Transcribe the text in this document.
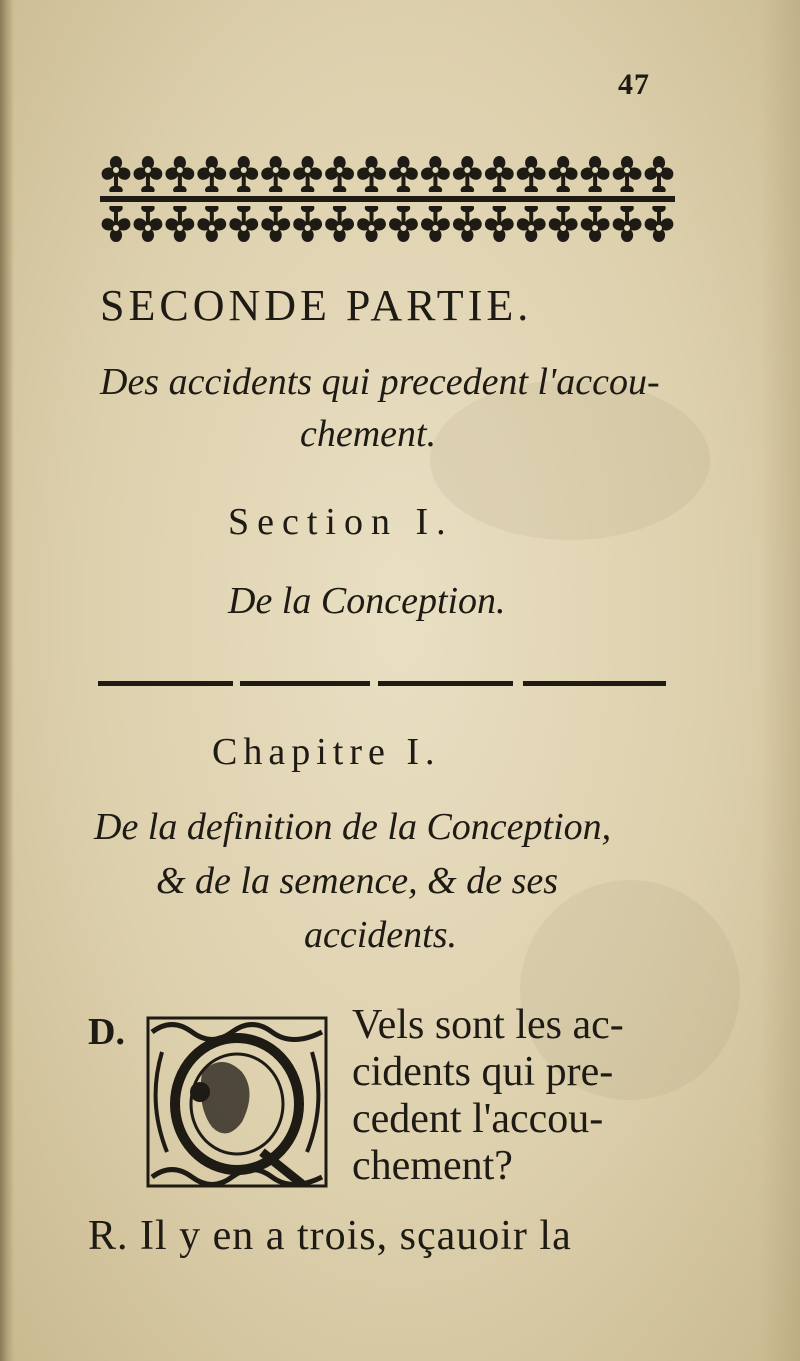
47
SECONDE PARTIE.
Des accidents qui precedent l'accou-
chement.
Section I.
De la Conception.
Chapitre I.
De la definition de la Conception,
& de la semence, & de ses
accidents.
D.	Vels sont les ac-
cidents qui pre-
cedent l'accou-
chement?
R. Il y en a trois, sçauoir la
